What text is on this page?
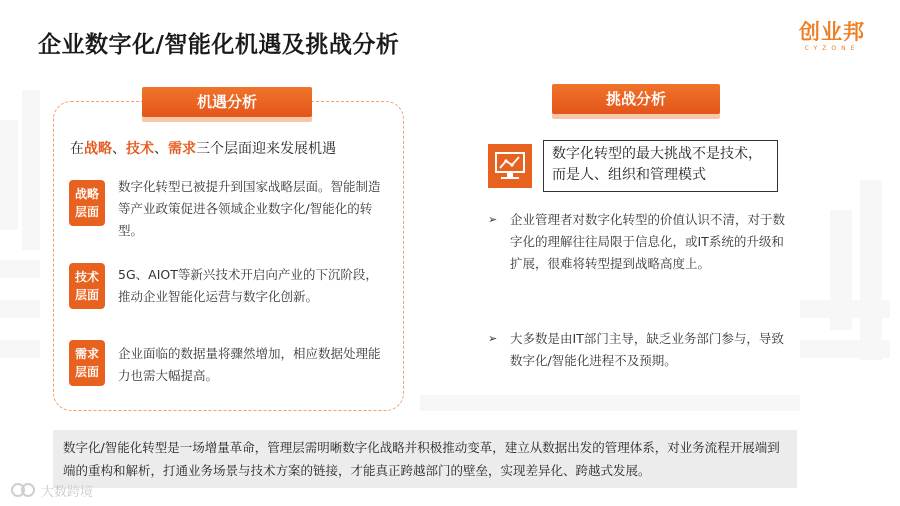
企业数字化/智能化机遇及挑战分析	创业邦
CYZONE
机遇分析
在战略、技术、需求三个层面迎来发展机遇
战略
层面
数字化转型已被提升到国家战略层面。智能制造等产业政策促进各领域企业数字化/智能化的转型。
技术
层面
5G、AIOT等新兴技术开启向产业的下沉阶段，推动企业智能化运营与数字化创新。
需求
层面
企业面临的数据量将骤然增加，相应数据处理能力也需大幅提高。
挑战分析
数字化转型的最大挑战不是技术，而是人、组织和管理模式
➢	企业管理者对数字化转型的价值认识不清，对于数字化的理解往往局限于信息化，或IT系统的升级和扩展，很难将转型提到战略高度上。
➢	大多数是由IT部门主导，缺乏业务部门参与，导致数字化/智能化进程不及预期。
数字化/智能化转型是一场增量革命，管理层需明晰数字化战略并积极推动变革，建立从数据出发的管理体系，对业务流程开展端到端的重构和解析，打通业务场景与技术方案的链接，才能真正跨越部门的壁垒，实现差异化、跨越式发展。
大数跨境
